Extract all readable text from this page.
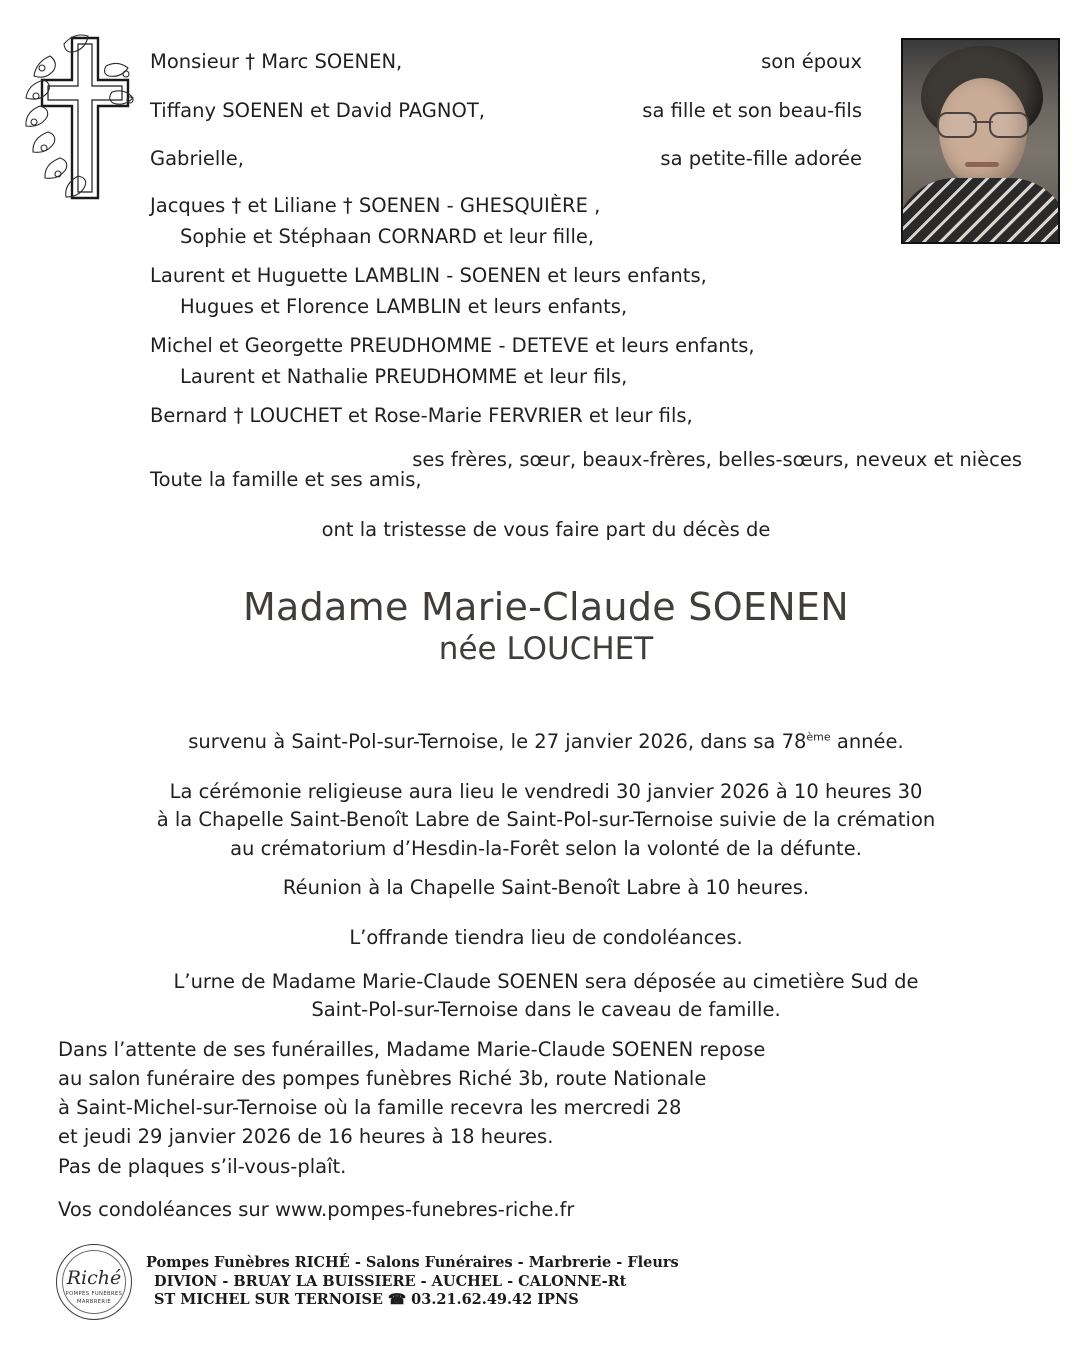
Monsieur † Marc SOENEN,	son époux
Tiffany SOENEN et David PAGNOT,	sa fille et son beau-fils
Gabrielle,	sa petite-fille adorée
Jacques † et Liliane † SOENEN - GHESQUIÈRE ,
Sophie et Stéphaan CORNARD et leur fille,
Laurent et Huguette LAMBLIN - SOENEN et leurs enfants,
Hugues et Florence LAMBLIN et leurs enfants,
Michel et Georgette PREUDHOMME - DETEVE et leurs enfants,
Laurent et Nathalie PREUDHOMME et leur fils,
Bernard † LOUCHET et Rose-Marie FERVRIER et leur fils,
ses frères, sœur, beaux-frères, belles-sœurs, neveux et nièces
Toute la famille et ses amis,
ont la tristesse de vous faire part du décès de
Madame Marie-Claude SOENEN
née LOUCHET
survenu à Saint-Pol-sur-Ternoise, le 27 janvier 2026, dans sa 78ème année.
La cérémonie religieuse aura lieu le vendredi 30 janvier 2026 à 10 heures 30
à la Chapelle Saint-Benoît Labre de Saint-Pol-sur-Ternoise suivie de la crémation
au crématorium d’Hesdin-la-Forêt selon la volonté de la défunte.
Réunion à la Chapelle Saint-Benoît Labre à 10 heures.
L’offrande tiendra lieu de condoléances.
L’urne de Madame Marie-Claude SOENEN sera déposée au cimetière Sud de
Saint-Pol-sur-Ternoise dans le caveau de famille.
Dans l’attente de ses funérailles, Madame Marie-Claude SOENEN repose
au salon funéraire des pompes funèbres Riché 3b, route Nationale
à Saint-Michel-sur-Ternoise où la famille recevra les mercredi 28
et jeudi 29 janvier 2026 de 16 heures à 18 heures.
Pas de plaques s’il-vous-plaît.
Vos condoléances sur www.pompes-funebres-riche.fr
Riché
POMPES FUNÈBRES
MARBRERIE
Pompes Funèbres RICHÉ - Salons Funéraires - Marbrerie - Fleurs
DIVION - BRUAY LA BUISSIERE - AUCHEL - CALONNE-Rt
ST MICHEL SUR TERNOISE ☎ 03.21.62.49.42 IPNS
